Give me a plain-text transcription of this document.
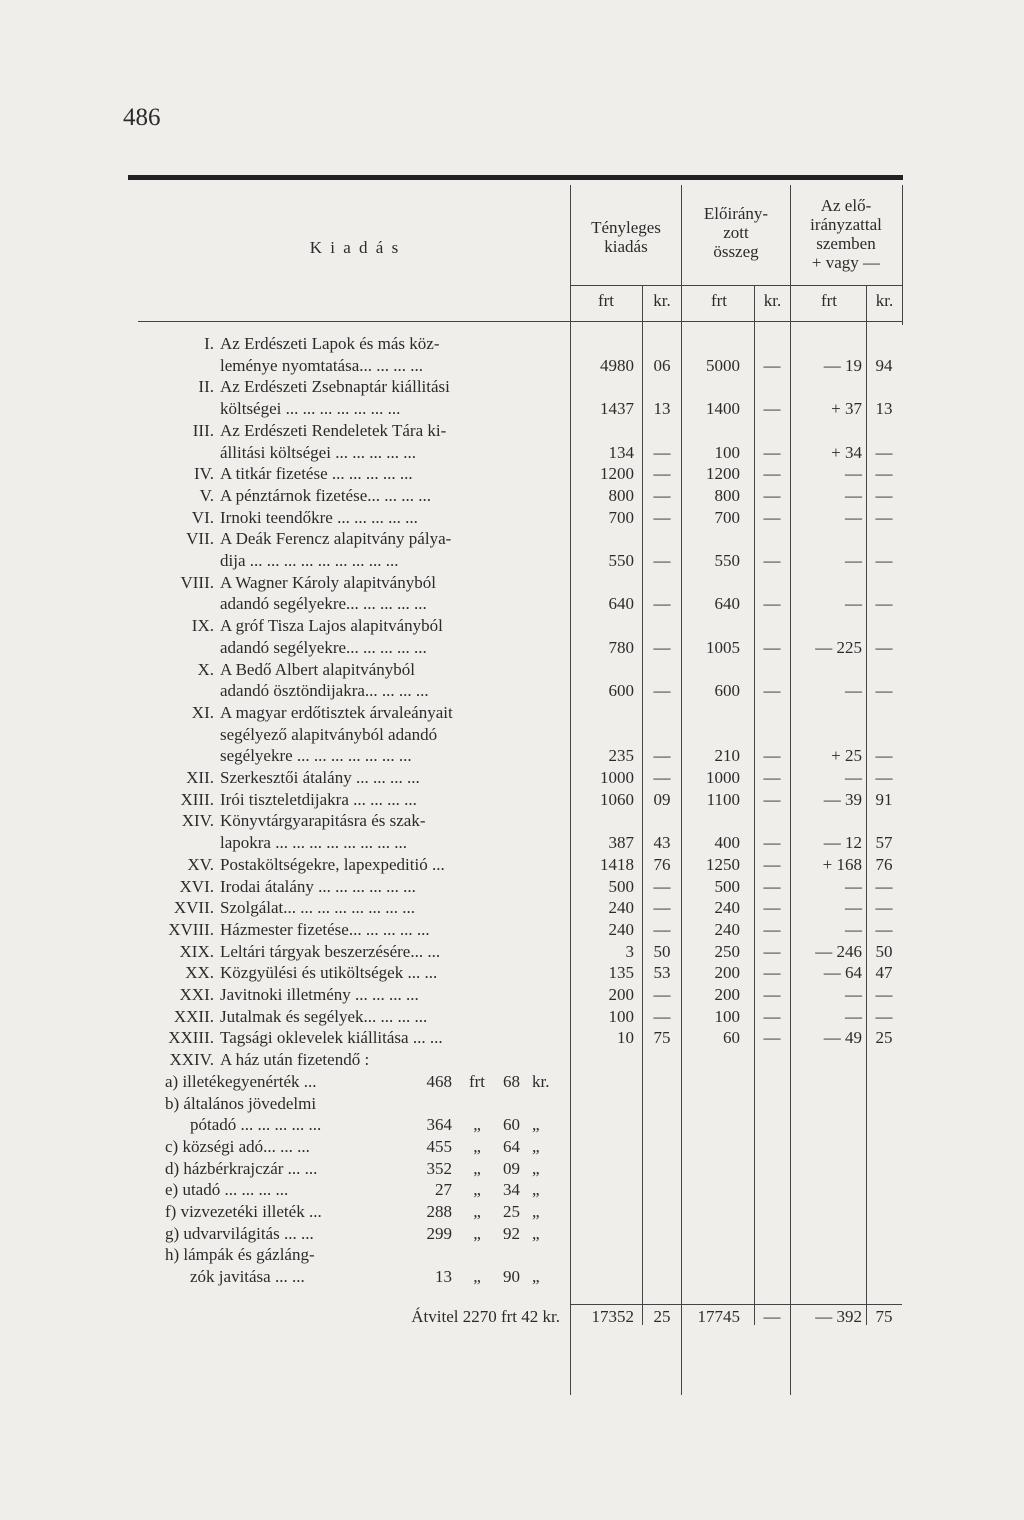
486
K i a d á s
Tényleges
kiadás
Előirány-
zott
összeg
Az elő-
irányzattal
szemben
+ vagy —
frt	kr.	frt	kr.	frt	kr.
I. Az Erdészeti Lapok és más köz-
leménye nyomtatása... ... ... ...	4980	06	5000	—	— 19 94
II. Az Erdészeti Zsebnaptár kiállitási
költségei ... ... ... ... ... ... ...	1437	13	1400	—	+ 37 13
III. Az Erdészeti Rendeletek Tára ki-
állitási költségei ... ... ... ... ...	134	—	100	—	+ 34 —
IV. A titkár fizetése ... ... ... ... ...	1200	—	1200	—	— —
V. A pénztárnok fizetése... ... ... ...	800	—	800	—	— —
VI. Irnoki teendőkre ... ... ... ... ...	700	—	700	—	— —
VII. A Deák Ferencz alapitvány pálya-
dija ... ... ... ... ... ... ... ... ...	550	—	550	—	— —
VIII. A Wagner Károly alapitványból
adandó segélyekre... ... ... ... ...	640	—	640	—	— —
IX. A gróf Tisza Lajos alapitványból
adandó segélyekre... ... ... ... ...	780	—	1005	—	— 225 —
X. A Bedő Albert alapitványból
adandó ösztöndijakra... ... ... ...	600	—	600	—	— —
XI. A magyar erdőtisztek árvaleányait
segélyező alapitványból adandó
segélyekre ... ... ... ... ... ... ...	235	—	210	—	+ 25 —
XII. Szerkesztői átalány ... ... ... ...	1000	—	1000	—	— —
XIII. Irói tiszteletdijakra ... ... ... ...	1060	09	1100	—	— 39 91
XIV. Könyvtárgyarapitásra és szak-
lapokra ... ... ... ... ... ... ... ...	387	43	400	—	— 12 57
XV. Postaköltségekre, lapexpeditió ...	1418	76	1250	—	+ 168 76
XVI. Irodai átalány ... ... ... ... ... ...	500	—	500	—	— —
XVII. Szolgálat... ... ... ... ... ... ... ...	240	—	240	—	— —
XVIII. Házmester fizetése... ... ... ... ...	240	—	240	—	— —
XIX. Leltári tárgyak beszerzésére... ...	3	50	250	—	— 246 50
XX. Közgyülési és utiköltségek ... ...	135	53	200	—	— 64 47
XXI. Javitnoki illetmény ... ... ... ...	200	—	200	—	— —
XXII. Jutalmak és segélyek... ... ... ...	100	—	100	—	— —
XXIII. Tagsági oklevelek kiállitása ... ...	10	75	60	—	— 49 25
XXIV. A ház után fizetendő :
a) illetékegyenérték ...	468 frt	68 kr.
b) általános jövedelmi
pótadó ... ... ... ... ...	364	„	60 „
c) községi adó... ... ...	455	„	64 „
d) házbérkrajczár ... ...	352	„	09 „
e) utadó ... ... ... ...	27	„	34 „
f) vizvezetéki illeték ...	288	„	25 „
g) udvarvilágitás ... ...	299	„	92 „
h) lámpák és gázláng-
zók javitása ... ...	13	„	90 „
Átvitel 2270 frt 42 kr.	17352	25	17745	—	— 392 75
